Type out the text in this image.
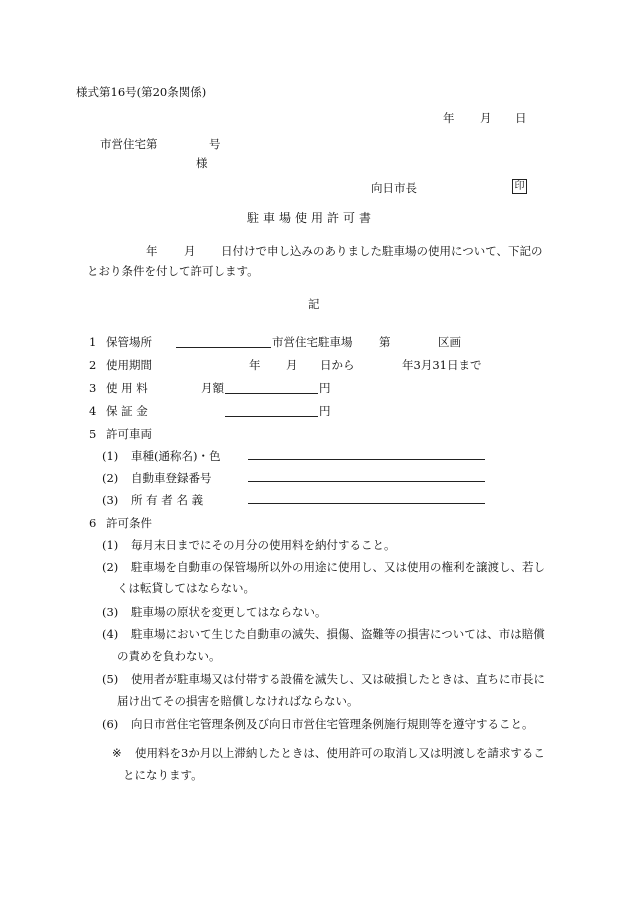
様式第16号(第20条関係)
年 月 日
市営住宅第	号
様
向日市長	印
駐車場使用許可書
年 月 日付けで申し込みのありました駐車場の使用について、下記の
とおり条件を付して許可します。
記
1 保管場所	市営住宅駐車場 第	区画
2 使用期間	年 月 日から	年3月31日まで
3 使 用 料	月額	円
4 保 証 金	円
5 許可車両
(1) 車種(通称名)・色
(2) 自動車登録番号
(3) 所 有 者 名 義
6 許可条件
(1) 毎月末日までにその月分の使用料を納付すること。
(2) 駐車場を自動車の保管場所以外の用途に使用し、又は使用の権利を譲渡し、若し
くは転貸してはならない。
(3) 駐車場の原状を変更してはならない。
(4) 駐車場において生じた自動車の滅失、損傷、盗難等の損害については、市は賠償
の責めを負わない。
(5) 使用者が駐車場又は付帯する設備を滅失し、又は破損したときは、直ちに市長に
届け出てその損害を賠償しなければならない。
(6) 向日市営住宅管理条例及び向日市営住宅管理条例施行規則等を遵守すること。
※ 使用料を3か月以上滞納したときは、使用許可の取消し又は明渡しを請求するこ
とになります。
